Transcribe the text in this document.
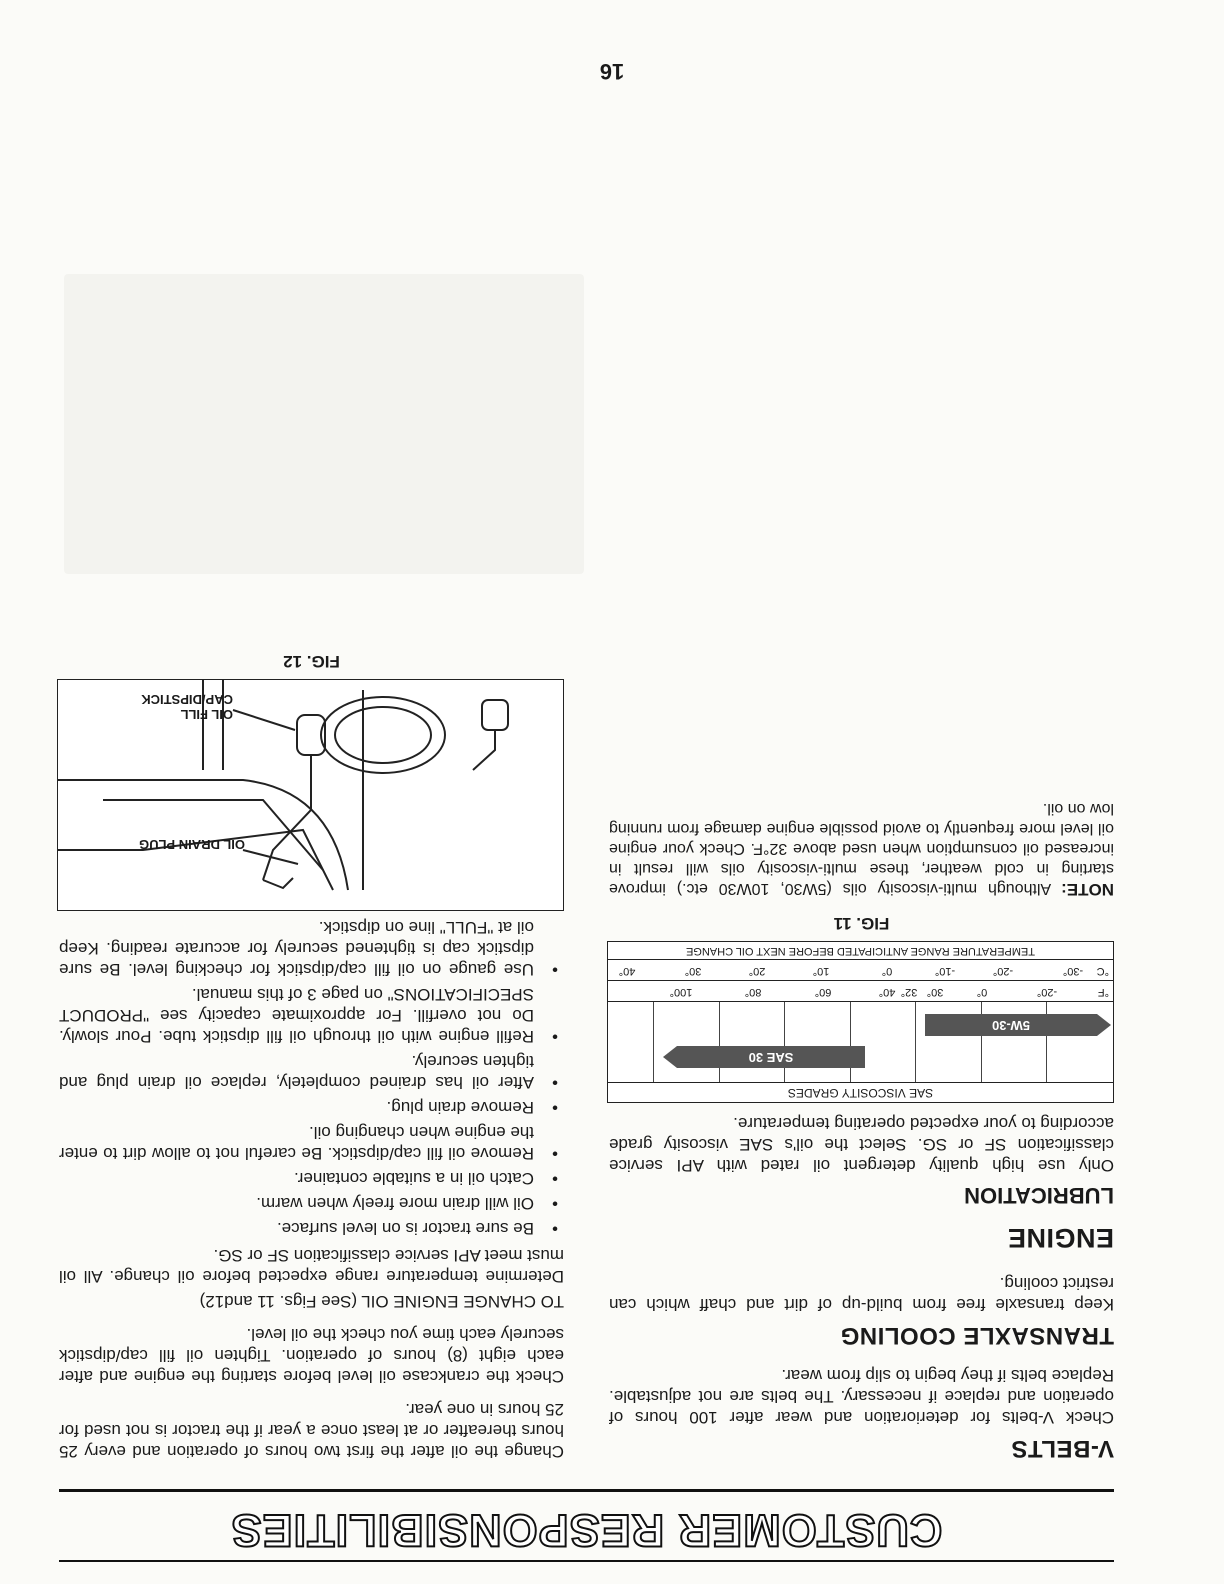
CUSTOMER RESPONSIBILITIES
V-BELTS

Check V-belts for deterioration and wear after 100 hours of operation and replace if necessary. The belts are not adjustable. Replace belts if they begin to slip from wear.

TRANSAXLE COOLING

Keep transaxle free from build-up of dirt and chaff which can restrict cooling.

ENGINE
LUBRICATION

Only use high quality detergent oil rated with API service classification SF or SG. Select the oil's SAE viscosity grade according to your expected operating temperature.

SAE VISCOSITY GRADES
SAE 30
5W-30
°F
-20°
0°
30°
32°
40°
60°
80°
100°
°C
-30°
-20°
-10°
0°
10°
20°
30°
40°
TEMPERATURE RANGE ANTICIPATED BEFORE NEXT OIL CHANGE
FIG. 11

NOTE: Although multi-viscosity oils (5W30, 10W30 etc.) improve starting in cold weather, these multi-viscosity oils will result in increased oil consumption when used above 32°F. Check your engine oil level more frequently to avoid possible engine damage from running low on oil.

Change the oil after the first two hours of operation and every 25 hours thereafter or at least once a year if the tractor is not used for 25 hours in one year.

Check the crankcase oil level before starting the engine and after each eight (8) hours of operation. Tighten oil fill cap/dipstick securely each time you check the oil level.

TO CHANGE ENGINE OIL (See Figs. 11 and12)

Determine temperature range expected before oil change. All oil must meet API service classification SF or SG.

• Be sure tractor is on level surface.
• Oil will drain more freely when warm.
• Catch oil in a suitable container.
• Remove oil fill cap/dipstick. Be careful not to allow dirt to enter the engine when changing oil.
• Remove drain plug.
• After oil has drained completely, replace oil drain plug and tighten securely.
• Refill engine with oil through oil fill dipstick tube. Pour slowly. Do not overfill. For approximate capacity see "PRODUCT SPECIFICATIONS" on page 3 of this manual.
• Use gauge on oil fill cap/dipstick for checking level. Be sure dipstick cap is tightened securely for accurate reading. Keep oil at "FULL" line on dipstick.
OIL FILL
CAP/DIPSTICK
OIL DRAIN PLUG
FIG. 12
16
